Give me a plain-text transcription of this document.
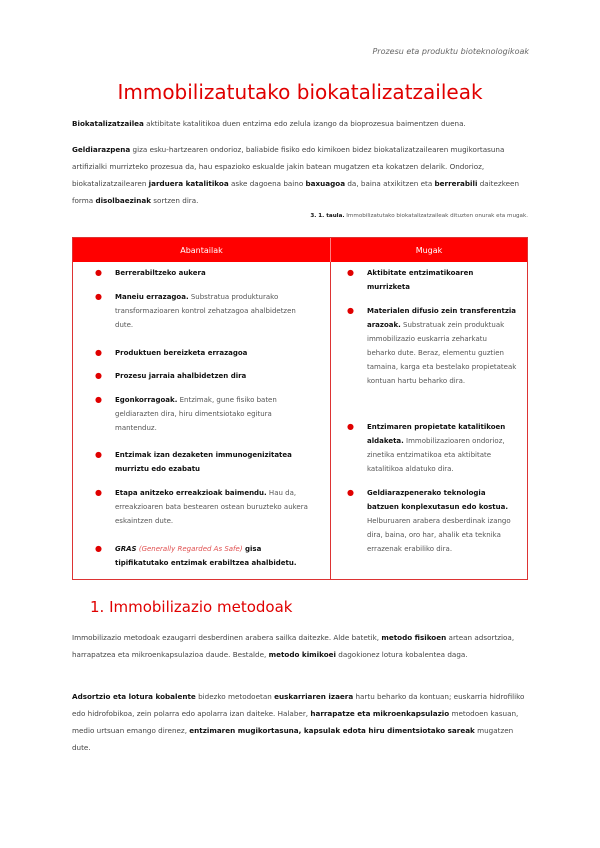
Prozesu eta produktu bioteknologikoak
Immobilizatutako biokatalizatzaileak

Biokatalizatzailea aktibitate katalitikoa duen entzima edo zelula izango da bioprozesua baimentzen duena.

Geldiarazpena giza esku-hartzearen ondorioz, baliabide fisiko edo kimikoen bidez biokatalizatzailearen mugikortasuna artifizialki murrizteko prozesua da, hau espazioko eskualde jakin batean mugatzen eta kokatzen delarik. Ondorioz, biokatalizatzailearen jarduera katalitikoa aske dagoena baino baxuagoa da, baina atxikitzen eta berrerabili daitezkeen forma disolbaezinak sortzen dira.

3. 1. taula. Immobilizatutako biokatalizatzaileak dituzten onurak eta mugak.
Abantailak	Mugak
● Berrerabiltzeko aukera
● Maneiu errazagoa. Substratua produkturako transformazioaren kontrol zehatzagoa ahalbidetzen dute.
● Produktuen bereizketa errazagoa
● Prozesu jarraia ahalbidetzen dira
● Egonkorragoak. Entzimak, gune fisiko baten geldiarazten dira, hiru dimentsiotako egitura mantenduz.
● Entzimak izan dezaketen immunogenizitatea murriztu edo ezabatu
● Etapa anitzeko erreakzioak baimendu. Hau da, erreakzioaren bata bestearen ostean buruzteko aukera eskaintzen dute.
● GRAS (Generally Regarded As Safe) gisa tipifikatutako entzimak erabiltzea ahalbidetu.
● Aktibitate entzimatikoaren murrizketa
● Materialen difusio zein transferentzia arazoak. Substratuak zein produktuak immobilizazio euskarria zeharkatu beharko dute. Beraz, elementu guztien tamaina, karga eta bestelako propietateak kontuan hartu beharko dira.
● Entzimaren propietate katalitikoen aldaketa. Immobilizazioaren ondorioz, zinetika entzimatikoa eta aktibitate katalitikoa aldatuko dira.
● Geldiarazpenerako teknologia batzuen konplexutasun edo kostua. Helburuaren arabera desberdinak izango dira, baina, oro har, ahalik eta teknika errazenak erabiliko dira.
1. Immobilizazio metodoak

Immobilizazio metodoak ezaugarri desberdinen arabera sailka daitezke. Alde batetik, metodo fisikoen artean adsortzioa, harrapatzea eta mikroenkapsulazioa daude. Bestalde, metodo kimikoei dagokionez lotura kobalentea daga.

Adsortzio eta lotura kobalente bidezko metodoetan euskarriaren izaera hartu beharko da kontuan; euskarria hidrofiliko edo hidrofobikoa, zein polarra edo apolarra izan daiteke. Halaber, harrapatze eta mikroenkapsulazio metodoen kasuan, medio urtsuan emango direnez, entzimaren mugikortasuna, kapsulak edota hiru dimentsiotako sareak mugatzen dute.
